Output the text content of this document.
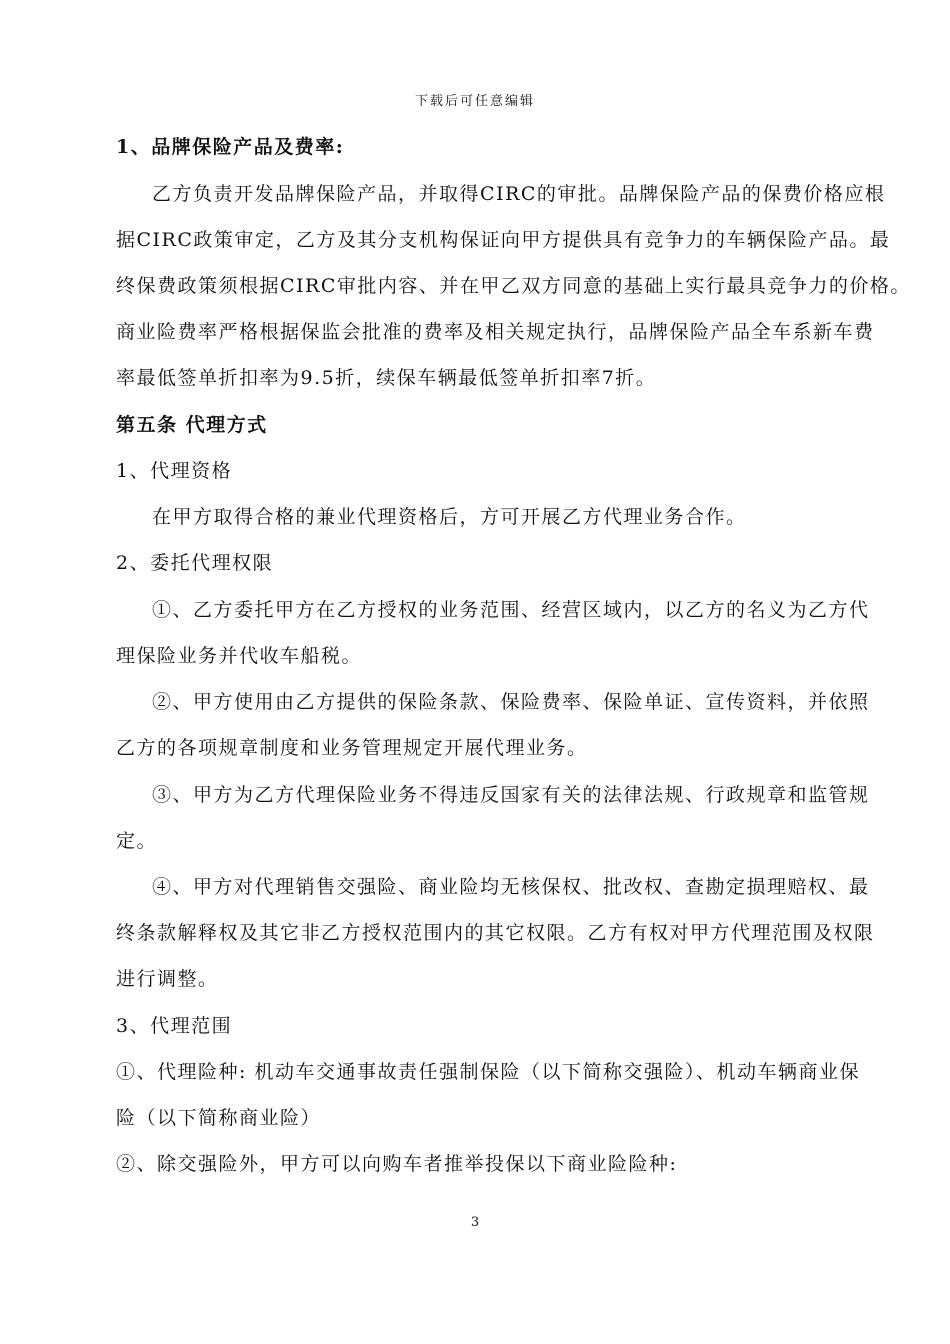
下载后可任意编辑
1、品牌保险产品及费率:
乙方负责开发品牌保险产品，并取得CIRC的审批。品牌保险产品的保费价格应根
据CIRC政策审定，乙方及其分支机构保证向甲方提供具有竞争力的车辆保险产品。最
终保费政策须根据CIRC审批内容、并在甲乙双方同意的基础上实行最具竞争力的价格。
商业险费率严格根据保监会批准的费率及相关规定执行，品牌保险产品全车系新车费
率最低签单折扣率为9.5折，续保车辆最低签单折扣率7折。
第五条 代理方式
1、代理资格
在甲方取得合格的兼业代理资格后，方可开展乙方代理业务合作。
2、委托代理权限
①、乙方委托甲方在乙方授权的业务范围、经营区域内，以乙方的名义为乙方代
理保险业务并代收车船税。
②、甲方使用由乙方提供的保险条款、保险费率、保险单证、宣传资料，并依照
乙方的各项规章制度和业务管理规定开展代理业务。
③、甲方为乙方代理保险业务不得违反国家有关的法律法规、行政规章和监管规
定。
④、甲方对代理销售交强险、商业险均无核保权、批改权、查勘定损理赔权、最
终条款解释权及其它非乙方授权范围内的其它权限。乙方有权对甲方代理范围及权限
进行调整。
3、代理范围
①、代理险种: 机动车交通事故责任强制保险（以下简称交强险）、机动车辆商业保
险（以下简称商业险）
②、除交强险外，甲方可以向购车者推举投保以下商业险险种:
3
